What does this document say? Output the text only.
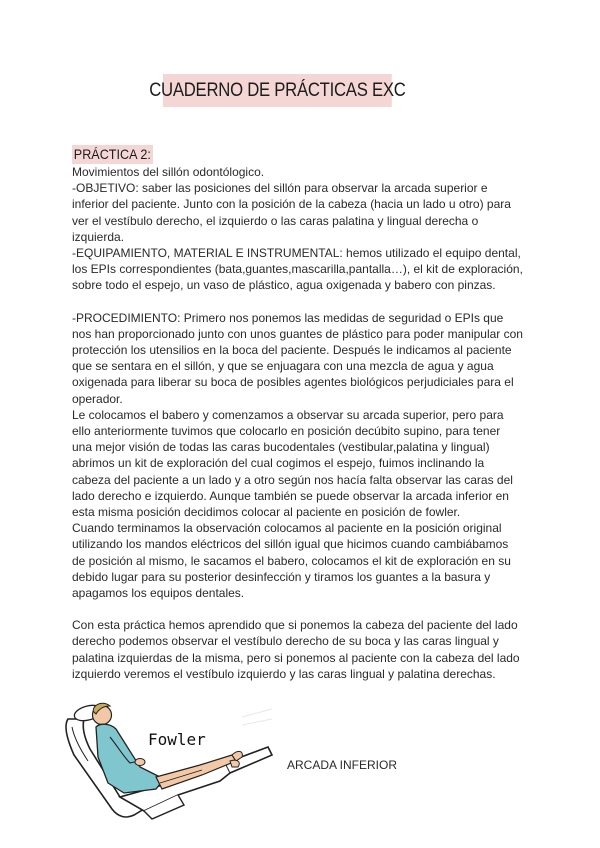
CUADERNO DE PRÁCTICAS EXC
PRÁCTICA 2:

Movimientos del sillón odontólogico.

-OBJETIVO: saber las posiciones del sillón para observar la arcada superior e

inferior del paciente. Junto con la posición de la cabeza (hacia un lado u otro) para

ver el vestíbulo derecho, el izquierdo o las caras palatina y lingual derecha o

izquierda.

-EQUIPAMIENTO, MATERIAL E INSTRUMENTAL: hemos utilizado el equipo dental,

los EPIs correspondientes (bata,guantes,mascarilla,pantalla…), el kit de exploración,

sobre todo el espejo, un vaso de plástico, agua oxigenada y babero con pinzas.

-PROCEDIMIENTO: Primero nos ponemos las medidas de seguridad o EPIs que

nos han proporcionado junto con unos guantes de plástico para poder manipular con

protección los utensilios en la boca del paciente. Después le indicamos al paciente

que se sentara en el sillón, y que se enjuagara con una mezcla de agua y agua

oxigenada para liberar su boca de posibles agentes biológicos perjudiciales para el

operador.

Le colocamos el babero y comenzamos a observar su arcada superior, pero para

ello anteriormente tuvimos que colocarlo en posición decúbito supino, para tener

una mejor visión de todas las caras bucodentales (vestibular,palatina y lingual)

abrimos un kit de exploración del cual cogimos el espejo, fuimos inclinando la

cabeza del paciente a un lado y a otro según nos hacía falta observar las caras del

lado derecho e izquierdo. Aunque también se puede observar la arcada inferior en

esta misma posición decidimos colocar al paciente en posición de fowler.

Cuando terminamos la observación colocamos al paciente en la posición original

utilizando los mandos eléctricos del sillón igual que hicimos cuando cambiábamos

de posición al mismo, le sacamos el babero, colocamos el kit de exploración en su

debido lugar para su posterior desinfección y tiramos los guantes a la basura y

apagamos los equipos dentales.

Con esta práctica hemos aprendido que si ponemos la cabeza del paciente del lado

derecho podemos observar el vestíbulo derecho de su boca y las caras lingual y

palatina izquierdas de la misma, pero si ponemos al paciente con la cabeza del lado

izquierdo veremos el vestíbulo izquierdo y las caras lingual y palatina derechas.

Fowler
ARCADA INFERIOR
